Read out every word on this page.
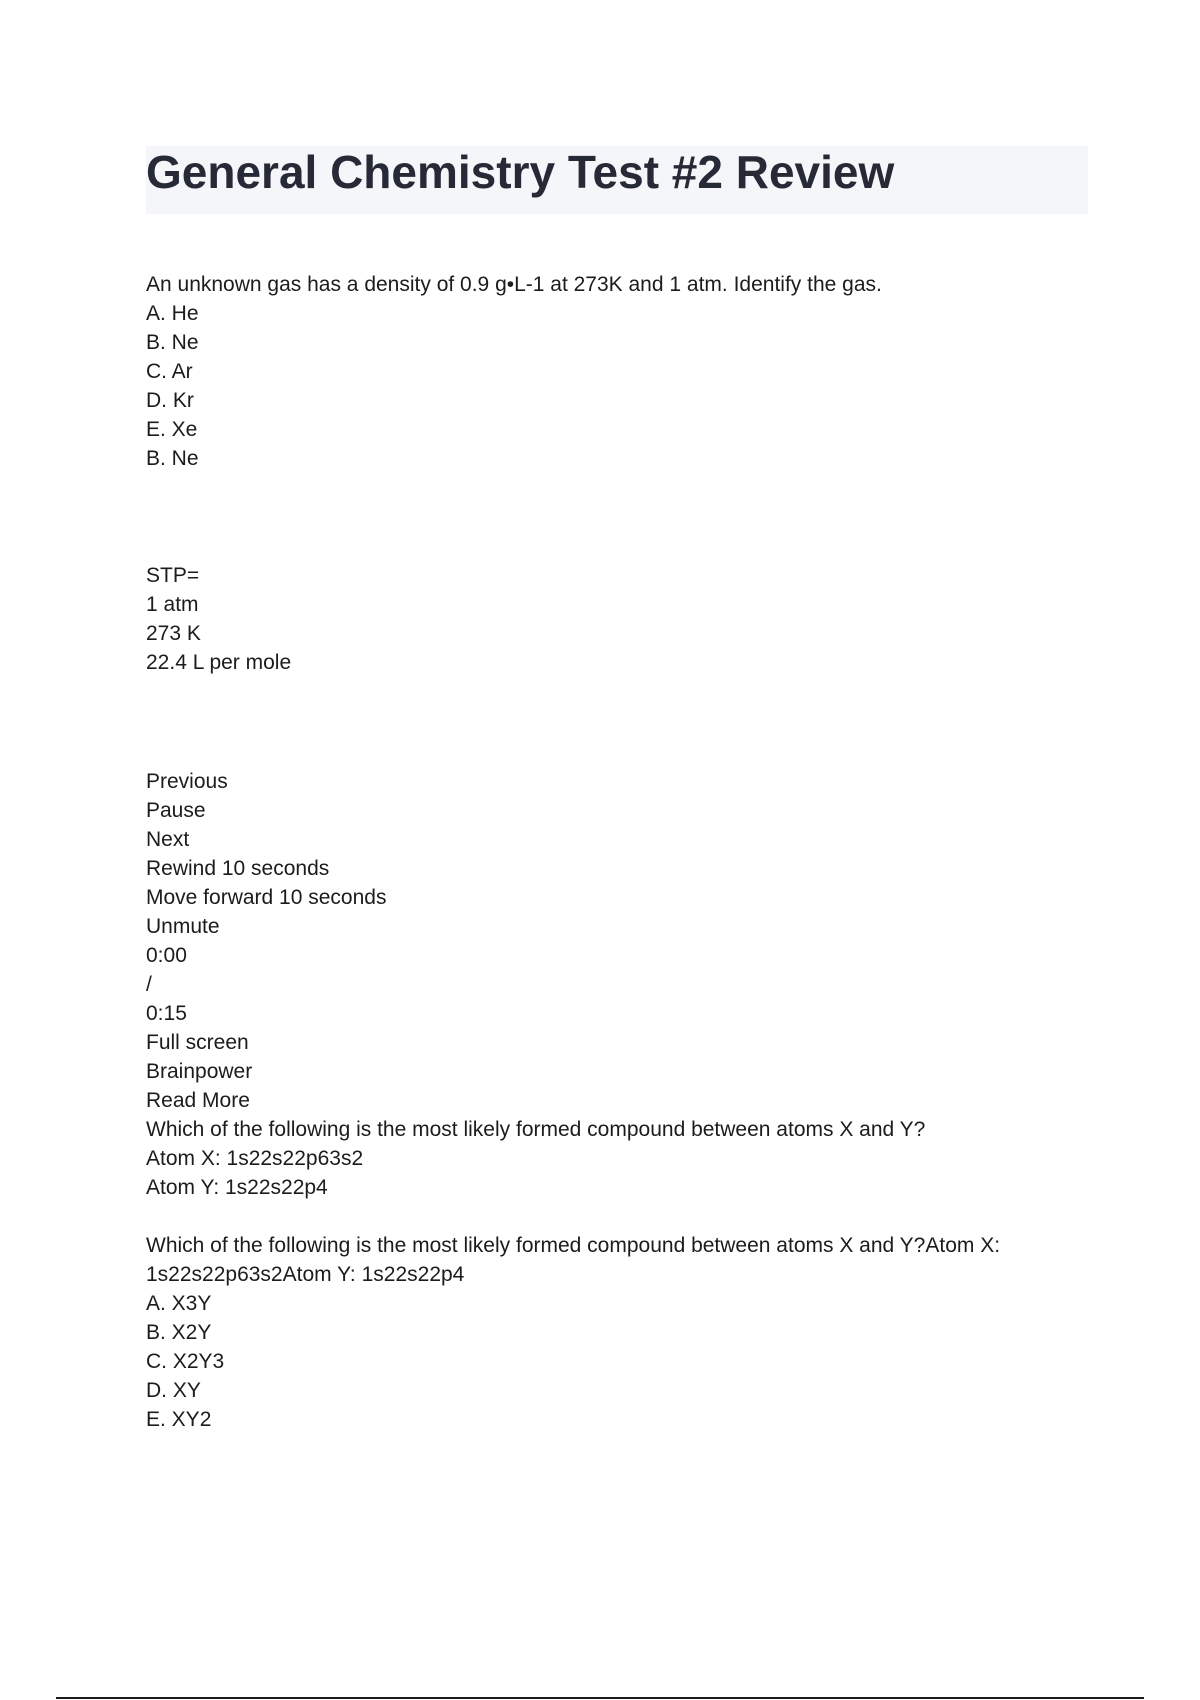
General Chemistry Test #2 Review
An unknown gas has a density of 0.9 g•L-1 at 273K and 1 atm. Identify the gas.
A. He
B. Ne
C. Ar
D. Kr
E. Xe
B. Ne
STP=
1 atm
273 K
22.4 L per mole
Previous
Pause
Next
Rewind 10 seconds
Move forward 10 seconds
Unmute
0:00
/
0:15
Full screen
Brainpower
Read More
Which of the following is the most likely formed compound between atoms X and Y?
Atom X: 1s22s22p63s2
Atom Y: 1s22s22p4
Which of the following is the most likely formed compound between atoms X and Y?Atom X: 1s22s22p63s2Atom Y: 1s22s22p4
A. X3Y
B. X2Y
C. X2Y3
D. XY
E. XY2
